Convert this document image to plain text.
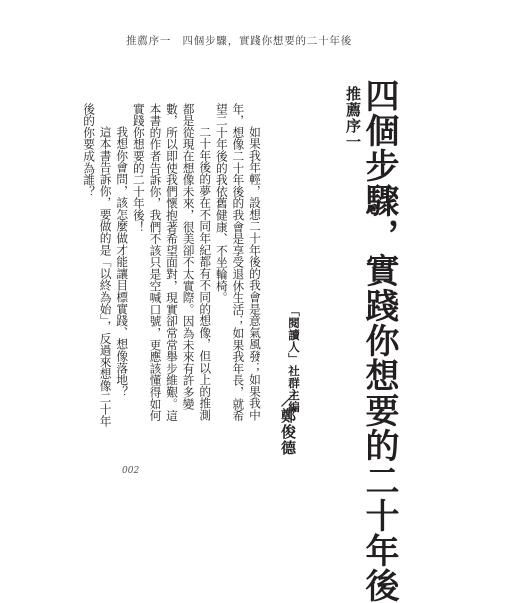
推薦序一　四個步驟，實踐你想要的二十年後
推薦序一
四個步驟，實踐你想要的二十年後
「閱讀人」社群主編
／鄭俊德

如果我年輕，設想二十年後的我會是意氣風發；如果我中年，想像二十年後的我會是享受退休生活；如果我年長，就希望二十年後的我依舊健康、不坐輪椅。

二十年後的夢在不同年紀都有不同的想像，但以上的推測都是從現在想像未來，很美卻不太實際。因為未來有許多變數，所以即使我們懷抱著希望面對，現實卻常常舉步維艱。這本書的作者告訴你，我們不該只是空喊口號，更應該懂得如何實踐你想要的二十年後！

我想你會問，該怎麼做才能讓目標實踐、想像落地？

這本書告訴你，要做的是「以終為始」，反過來想像二十年後的你要成為誰？

002
